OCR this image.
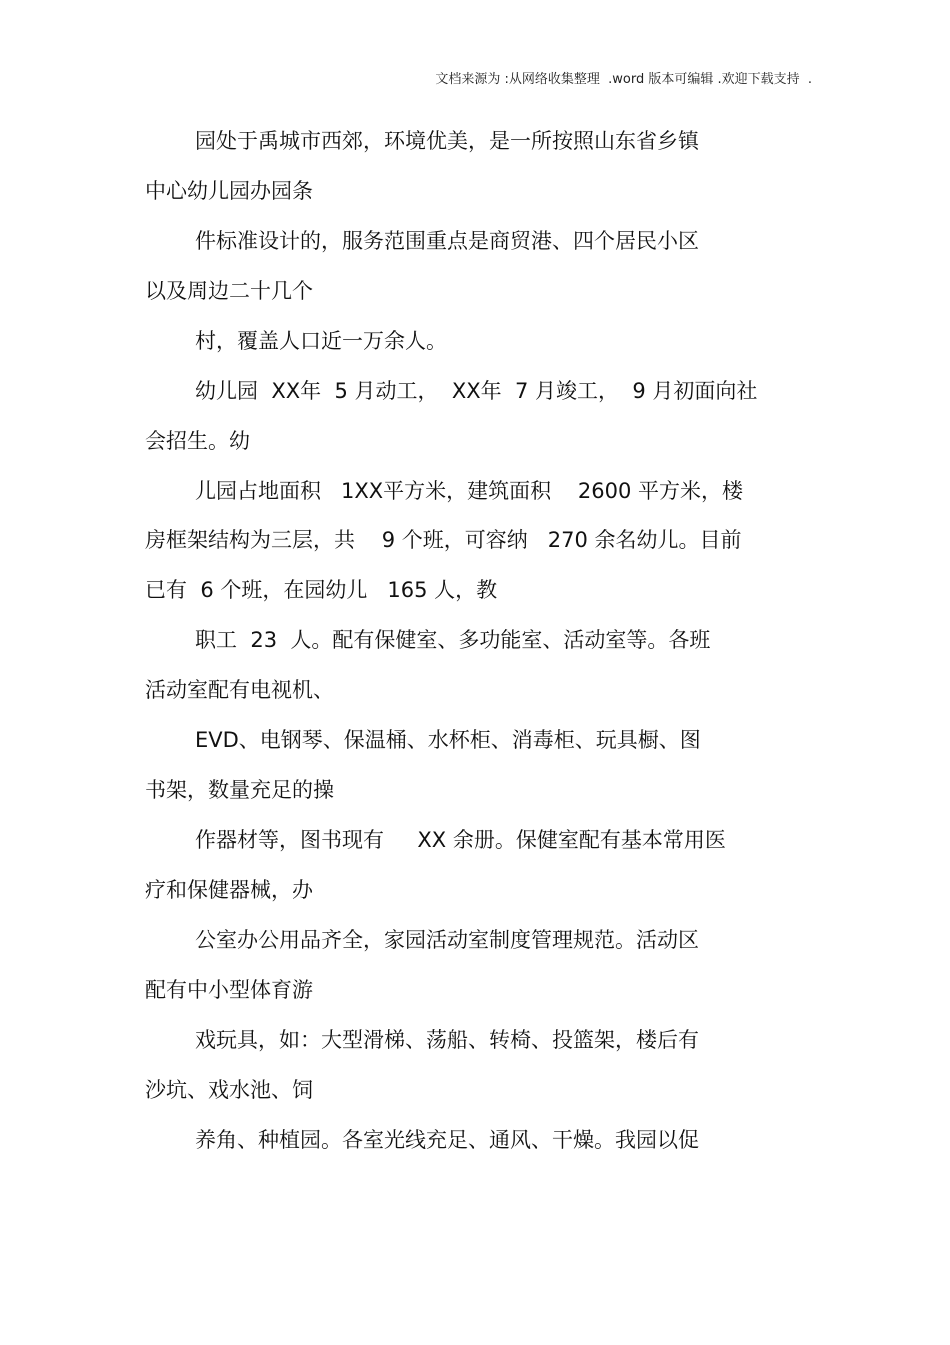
文档来源为 :从网络收集整理  .word 版本可编辑 .欢迎下载支持  .
园处于禹城市西郊，环境优美，是一所按照山东省乡镇
中心幼儿园办园条
件标准设计的，服务范围重点是商贸港、四个居民小区
以及周边二十几个
村，覆盖人口近一万余人。
幼儿园  XX年  5 月动工，  XX年  7 月竣工，  9 月初面向社
会招生。幼
儿园占地面积   1XX平方米，建筑面积    2600 平方米，楼
房框架结构为三层，共    9 个班，可容纳   270 余名幼儿。目前
已有  6 个班，在园幼儿   165 人，教
职工  23  人。配有保健室、多功能室、活动室等。各班
活动室配有电视机、
EVD、电钢琴、保温桶、水杯柜、消毒柜、玩具橱、图
书架，数量充足的操
作器材等，图书现有     XX 余册。保健室配有基本常用医
疗和保健器械，办
公室办公用品齐全，家园活动室制度管理规范。活动区
配有中小型体育游
戏玩具，如：大型滑梯、荡船、转椅、投篮架，楼后有
沙坑、戏水池、饲
养角、种植园。各室光线充足、通风、干燥。我园以促
